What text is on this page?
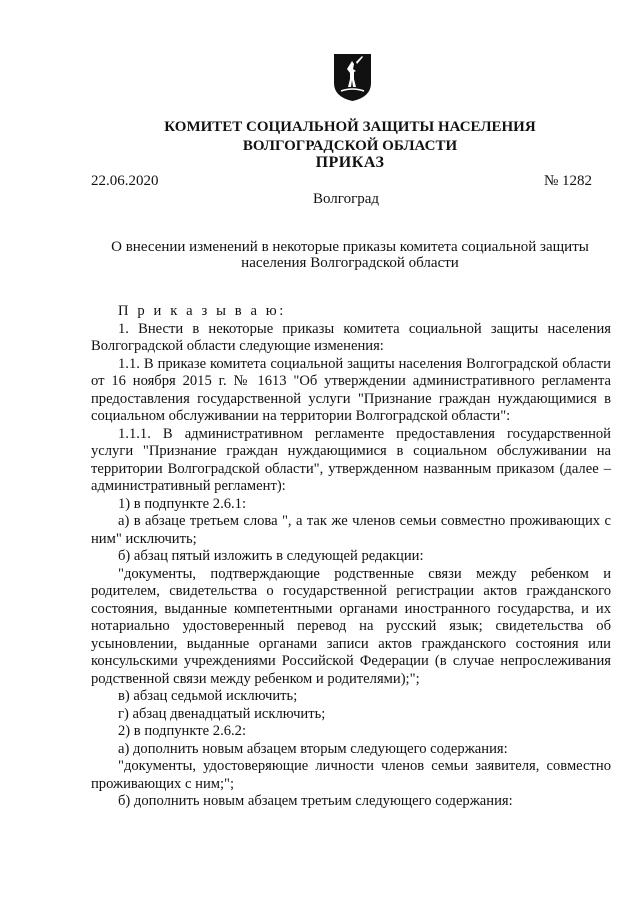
КОМИТЕТ СОЦИАЛЬНОЙ ЗАЩИТЫ НАСЕЛЕНИЯ
ВОЛГОГРАДСКОЙ ОБЛАСТИ
ПРИКАЗ
22.06.2020	№ 1282
Волгоград
О внесении изменений в некоторые приказы комитета социальной защиты
населения Волгоградской области

П р и к а з ы в а ю:

1. Внести в некоторые приказы комитета социальной защиты населения Волгоградской области следующие изменения:

1.1. В приказе комитета социальной защиты населения Волгоградской области от 16 ноября 2015 г. № 1613 "Об утверждении административного регламента предоставления государственной услуги "Признание граждан нуждающимися в социальном обслуживании на территории Волгоградской области":

1.1.1. В административном регламенте предоставления государственной услуги "Признание граждан нуждающимися в социальном обслуживании на территории Волгоградской области", утвержденном названным приказом (далее – административный регламент):

1) в подпункте 2.6.1:

а) в абзаце третьем слова ", а так же членов семьи совместно проживающих с ним" исключить;

б) абзац пятый изложить в следующей редакции:

"документы, подтверждающие родственные связи между ребенком и родителем, свидетельства о государственной регистрации актов гражданского состояния, выданные компетентными органами иностранного государства, и их нотариально удостоверенный перевод на русский язык; свидетельства об усыновлении, выданные органами записи актов гражданского состояния или консульскими учреждениями Российской Федерации (в случае непрослеживания родственной связи между ребенком и родителями);";

в) абзац седьмой исключить;

г) абзац двенадцатый исключить;

2) в подпункте 2.6.2:

а) дополнить новым абзацем вторым следующего содержания:

"документы, удостоверяющие личности членов семьи заявителя, совместно проживающих с ним;";

б) дополнить новым абзацем третьим следующего содержания:
